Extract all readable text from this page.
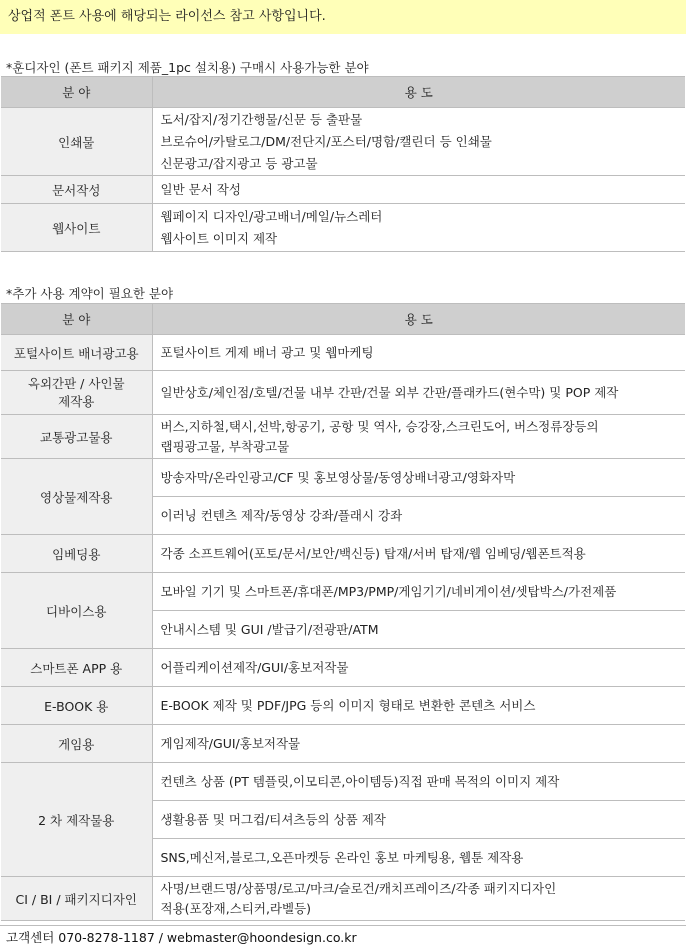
상업적 폰트 사용에 해당되는 라이선스 참고 사항입니다.
*훈디자인 (폰트 패키지 제품_1pc 설치용) 구매시 사용가능한 분야
분 야	용 도
인쇄물	도서/잡지/정기간행물/신문 등 출판물
브로슈어/카탈로그/DM/전단지/포스터/명함/캘린더 등 인쇄물
신문광고/잡지광고 등 광고물

문서작성	일반 문서 작성

웹사이트	웹페이지 디자인/광고배너/메일/뉴스레터
웹사이트 이미지 제작
*추가 사용 계약이 필요한 분야
분 야	용 도
포털사이트 배너광고용	포털사이트 게제 배너 광고 및 웹마케팅

옥외간판 / 사인물
제작용	일반상호/체인점/호텔/건물 내부 간판/건물 외부 간판/플래카드(현수막) 및 POP 제작

교통광고물용	버스,지하철,택시,선박,항공기, 공항 및 역사, 승강장,스크린도어, 버스정류장등의
랩핑광고물, 부착광고물

영상물제작용	방송자막/온라인광고/CF 및 홍보영상물/동영상배너광고/영화자막

	이러닝 컨텐츠 제작/동영상 강좌/플래시 강좌

임베딩용	각종 소프트웨어(포토/문서/보안/백신등) 탑재/서버 탑재/웹 임베딩/웹폰트적용

디바이스용	모바일 기기 및 스마트폰/휴대폰/MP3/PMP/게임기기/네비게이션/셋탑박스/가전제품

	안내시스템 및 GUI /발급기/전광판/ATM

스마트폰 APP 용	어플리케이션제작/GUI/홍보저작물

E-BOOK 용	E-BOOK 제작 및 PDF/JPG 등의 이미지 형태로 변환한 콘텐츠 서비스

게임용	게임제작/GUI/홍보저작물

2 차 제작물용	컨텐츠 상품 (PT 템플릿,이모티콘,아이템등)직접 판매 목적의 이미지 제작

	생활용품 및 머그컵/티셔츠등의 상품 제작

	SNS,메신저,블로그,오픈마켓등 온라인 홍보 마케팅용, 웹툰 제작용

CI / BI / 패키지디자인	사명/브랜드명/상품명/로고/마크/슬로건/캐치프레이즈/각종 패키지디자인
적용(포장재,스티커,라벨등)
고객센터 070-8278-1187 / webmaster@hoondesign.co.kr
